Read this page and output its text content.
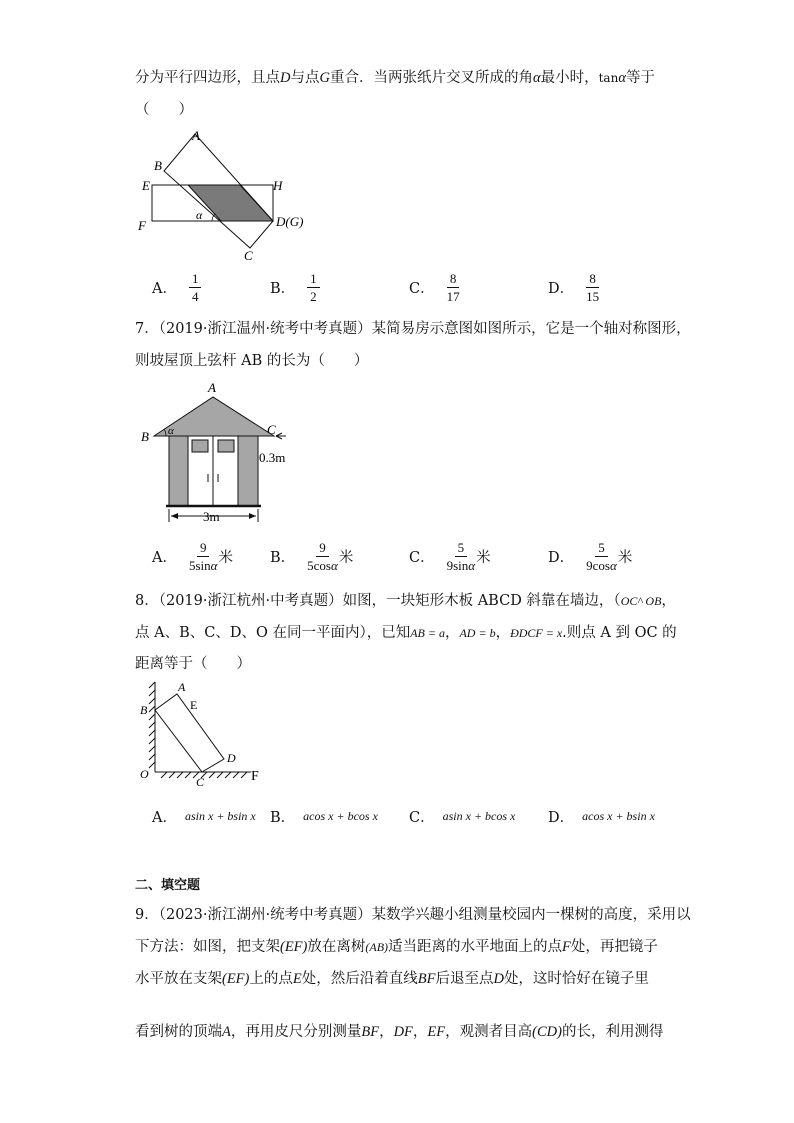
分为平行四边形，且点D与点G重合．当两张纸片交叉所成的角α最小时，tanα等于
（　　）
A
B
E	H
F	D(G)
C
α
A． $\frac{1}{4}$	B． $\frac{1}{2}$	C． $\frac{8}{17}$	D． $\frac{8}{15}$
7．（2019·浙江温州·统考中考真题）某简易房示意图如图所示，它是一个轴对称图形，
则坡屋顶上弦杆 AB 的长为（　　）
A
B	C
α
0.3m
3m
A． $\frac{9}{5\sin\alpha}$ 米	B． $\frac{9}{5\cos\alpha}$ 米	C． $\frac{5}{9\sin\alpha}$ 米	D． $\frac{5}{9\cos\alpha}$ 米
8．（2019·浙江杭州·中考真题）如图，一块矩形木板 ABCD 斜靠在墙边，（OC^ OB，
点 A、B、C、D、O 在同一平面内），已知AB = a，AD = b，ÐDCF = x.则点 A 到 OC 的
距离等于（　　）
A
B	E
D
C
O	F
A． asin x + bsin x B． acos x + bcos x C． asin x + bcos x D． acos x + bsin x
二、填空题
9．（2023·浙江湖州·统考中考真题）某数学兴趣小组测量校园内一棵树的高度，采用以
下方法：如图，把支架(EF)放在离树(AB)适当距离的水平地面上的点F处，再把镜子
水平放在支架(EF)上的点E处，然后沿着直线BF后退至点D处，这时恰好在镜子里
看到树的顶端A，再用皮尺分别测量BF，DF，EF，观测者目高(CD)的长，利用测得
